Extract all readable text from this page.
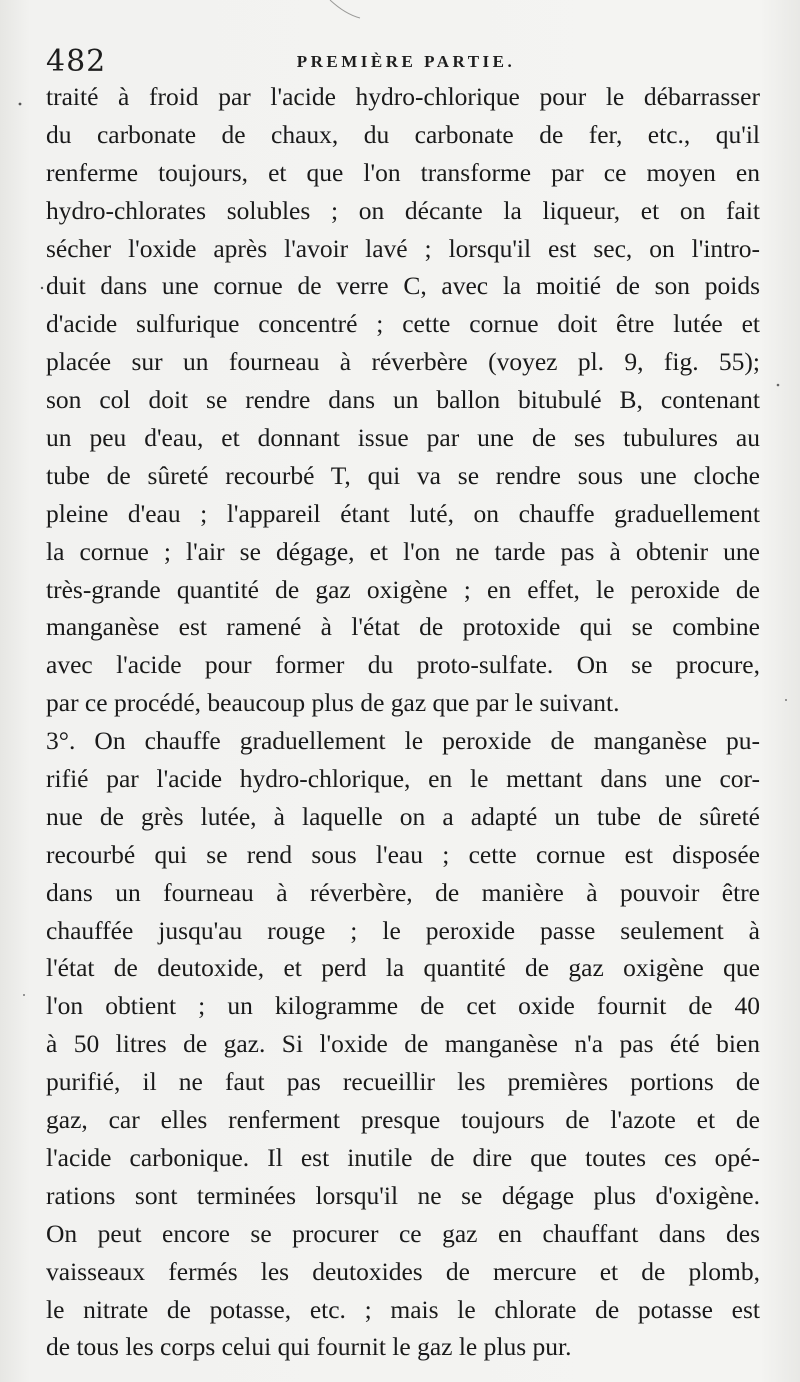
482	PREMIÈRE PARTIE.
traité à froid par l'acide hydro-chlorique pour le débarrasser
du carbonate de chaux, du carbonate de fer, etc., qu'il
renferme toujours, et que l'on transforme par ce moyen en
hydro-chlorates solubles ; on décante la liqueur, et on fait
sécher l'oxide après l'avoir lavé ; lorsqu'il est sec, on l'intro-
duit dans une cornue de verre C, avec la moitié de son poids
d'acide sulfurique concentré ; cette cornue doit être lutée et
placée sur un fourneau à réverbère (voyez pl. 9, fig. 55);
son col doit se rendre dans un ballon bitubulé B, contenant
un peu d'eau, et donnant issue par une de ses tubulures au
tube de sûreté recourbé T, qui va se rendre sous une cloche
pleine d'eau ; l'appareil étant luté, on chauffe graduellement
la cornue ; l'air se dégage, et l'on ne tarde pas à obtenir une
très-grande quantité de gaz oxigène ; en effet, le peroxide de
manganèse est ramené à l'état de protoxide qui se combine
avec l'acide pour former du proto-sulfate. On se procure,
par ce procédé, beaucoup plus de gaz que par le suivant.
3°. On chauffe graduellement le peroxide de manganèse pu-
rifié par l'acide hydro-chlorique, en le mettant dans une cor-
nue de grès lutée, à laquelle on a adapté un tube de sûreté
recourbé qui se rend sous l'eau ; cette cornue est disposée
dans un fourneau à réverbère, de manière à pouvoir être
chauffée jusqu'au rouge ; le peroxide passe seulement à
l'état de deutoxide, et perd la quantité de gaz oxigène que
l'on obtient ; un kilogramme de cet oxide fournit de 40
à 50 litres de gaz. Si l'oxide de manganèse n'a pas été bien
purifié, il ne faut pas recueillir les premières portions de
gaz, car elles renferment presque toujours de l'azote et de
l'acide carbonique. Il est inutile de dire que toutes ces opé-
rations sont terminées lorsqu'il ne se dégage plus d'oxigène.
On peut encore se procurer ce gaz en chauffant dans des
vaisseaux fermés les deutoxides de mercure et de plomb,
le nitrate de potasse, etc. ; mais le chlorate de potasse est
de tous les corps celui qui fournit le gaz le plus pur.
